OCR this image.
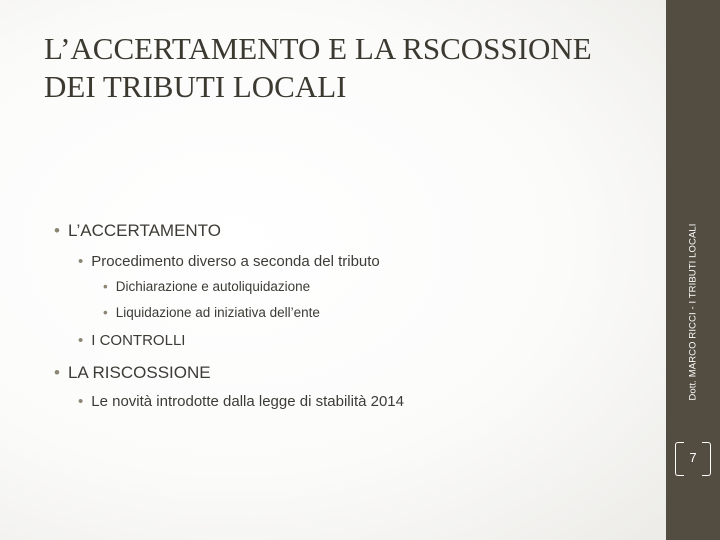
L’ACCERTAMENTO E LA RSCOSSIONE
DEI TRIBUTI LOCALI
• L’ACCERTAMENTO
• Procedimento diverso a seconda del tributo
• Dichiarazione e autoliquidazione
• Liquidazione ad iniziativa dell’ente
• I CONTROLLI
• LA RISCOSSIONE
• Le novità introdotte dalla legge di stabilità 2014
Dott. MARCO RICCI - I TRIBUTI LOCALI
7
